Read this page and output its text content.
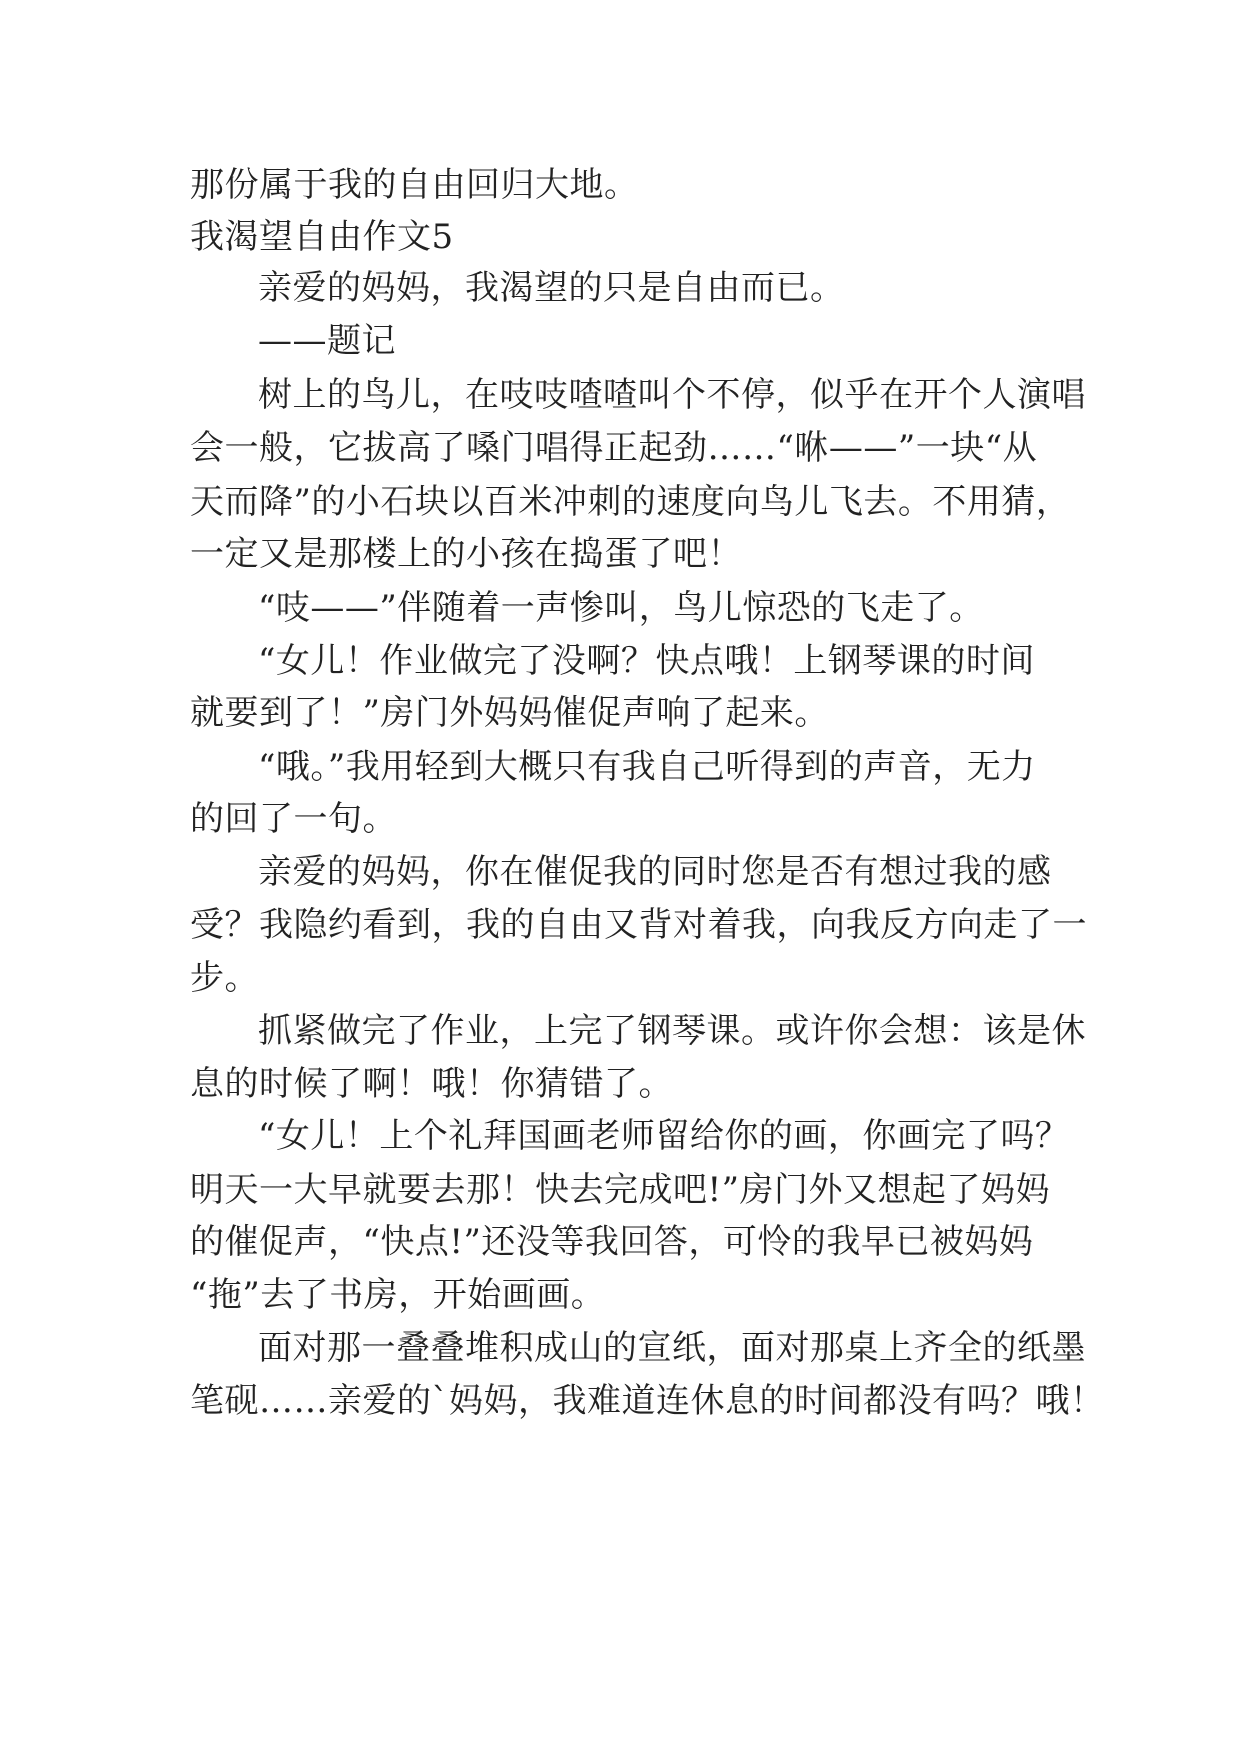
那份属于我的自由回归大地。
我渴望自由作文5
亲爱的妈妈，我渴望的只是自由而已。
——题记
树上的鸟儿，在吱吱喳喳叫个不停，似乎在开个人演唱
会一般，它拔高了嗓门唱得正起劲……“咻——”一块“从
天而降”的小石块以百米冲刺的速度向鸟儿飞去。不用猜，
一定又是那楼上的小孩在捣蛋了吧！
“吱——”伴随着一声惨叫，鸟儿惊恐的飞走了。
“女儿！作业做完了没啊？快点哦！上钢琴课的时间
就要到了！”房门外妈妈催促声响了起来。
“哦。”我用轻到大概只有我自己听得到的声音，无力
的回了一句。
亲爱的妈妈，你在催促我的同时您是否有想过我的感
受？我隐约看到，我的自由又背对着我，向我反方向走了一
步。
抓紧做完了作业，上完了钢琴课。或许你会想：该是休
息的时候了啊！哦！你猜错了。
“女儿！上个礼拜国画老师留给你的画，你画完了吗？
明天一大早就要去那！快去完成吧!”房门外又想起了妈妈
的催促声，“快点!”还没等我回答，可怜的我早已被妈妈
“拖”去了书房，开始画画。
面对那一叠叠堆积成山的宣纸，面对那桌上齐全的纸墨
笔砚……亲爱的`妈妈，我难道连休息的时间都没有吗？哦！
